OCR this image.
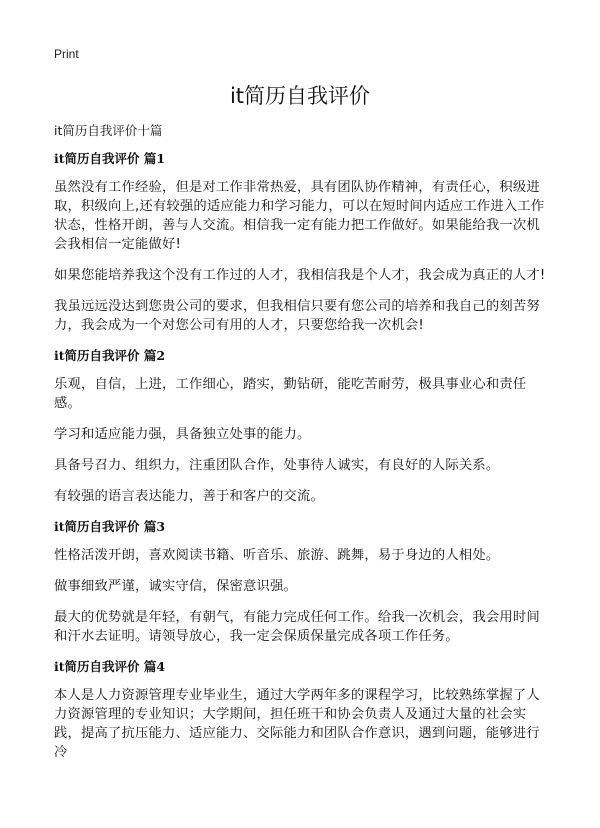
Print
it简历自我评价

it简历自我评价十篇

it简历自我评价 篇1

虽然没有工作经验，但是对工作非常热爱，具有团队协作精神，有责任心，积级进取，积级向上,还有较强的适应能力和学习能力，可以在短时间内适应工作进入工作状态，性格开朗，善与人交流。相信我一定有能力把工作做好。如果能给我一次机会我相信一定能做好!

如果您能培养我这个没有工作过的人才，我相信我是个人才，我会成为真正的人才!

我虽远远没达到您贵公司的要求，但我相信只要有您公司的培养和我自己的刻苦努力，我会成为一个对您公司有用的人才，只要您给我一次机会!

it简历自我评价 篇2

乐观，自信，上进，工作细心，踏实，勤钻研，能吃苦耐劳，极具事业心和责任感。

学习和适应能力强，具备独立处事的能力。

具备号召力、组织力，注重团队合作，处事待人诚实，有良好的人际关系。

有较强的语言表达能力，善于和客户的交流。

it简历自我评价 篇3

性格活泼开朗，喜欢阅读书籍、听音乐、旅游、跳舞，易于身边的人相处。

做事细致严谨，诚实守信，保密意识强。

最大的优势就是年轻，有朝气，有能力完成任何工作。给我一次机会，我会用时间和汗水去证明。请领导放心，我一定会保质保量完成各项工作任务。

it简历自我评价 篇4

本人是人力资源管理专业毕业生，通过大学两年多的课程学习，比较熟练掌握了人力资源管理的专业知识；大学期间，担任班干和协会负责人及通过大量的社会实践，提高了抗压能力、适应能力、交际能力和团队合作意识，遇到问题，能够进行冷
